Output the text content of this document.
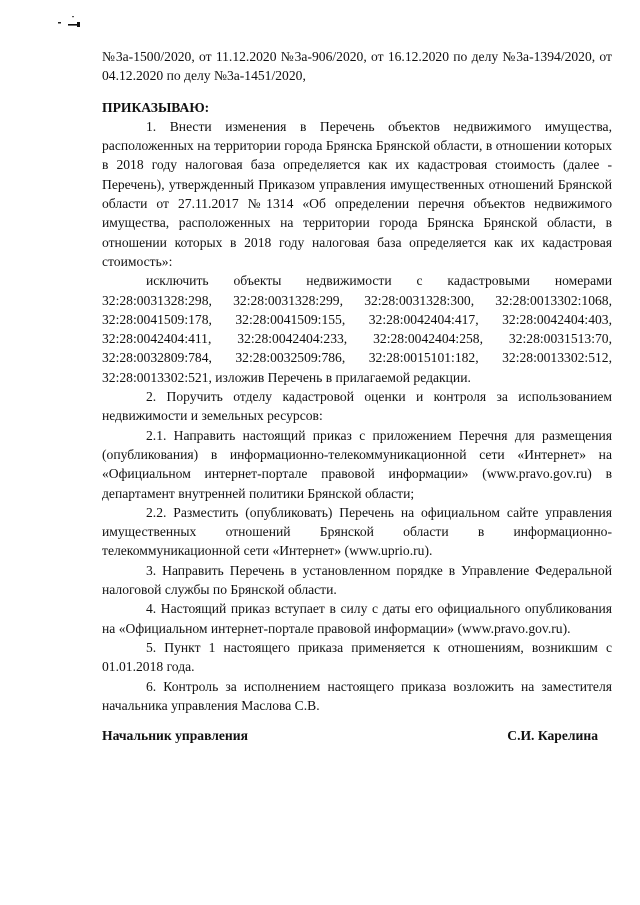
№3а-1500/2020, от 11.12.2020 №3а-906/2020, от 16.12.2020 по делу №3а-1394/2020, от 04.12.2020 по делу №3а-1451/2020,

ПРИКАЗЫВАЮ:

1. Внести изменения в Перечень объектов недвижимого имущества, расположенных на территории города Брянска Брянской области, в отношении которых в 2018 году налоговая база определяется как их кадастровая стоимость (далее - Перечень), утвержденный Приказом управления имущественных отношений Брянской области от 27.11.2017 №1314 «Об определении перечня объектов недвижимого имущества, расположенных на территории города Брянска Брянской области, в отношении которых в 2018 году налоговая база определяется как их кадастровая стоимость»:

исключить объекты недвижимости с кадастровыми номерами 32:28:0031328:298, 32:28:0031328:299, 32:28:0031328:300, 32:28:0013302:1068, 32:28:0041509:178, 32:28:0041509:155, 32:28:0042404:417, 32:28:0042404:403, 32:28:0042404:411, 32:28:0042404:233, 32:28:0042404:258, 32:28:0031513:70, 32:28:0032809:784, 32:28:0032509:786, 32:28:0015101:182, 32:28:0013302:512, 32:28:0013302:521, изложив Перечень в прилагаемой редакции.

2. Поручить отделу кадастровой оценки и контроля за использованием недвижимости и земельных ресурсов:

2.1. Направить настоящий приказ с приложением Перечня для размещения (опубликования) в информационно-телекоммуникационной сети «Интернет» на «Официальном интернет-портале правовой информации» (www.pravo.gov.ru) в департамент внутренней политики Брянской области;

2.2. Разместить (опубликовать) Перечень на официальном сайте управления имущественных отношений Брянской области в информационно-телекоммуникационной сети «Интернет» (www.uprio.ru).

3. Направить Перечень в установленном порядке в Управление Федеральной налоговой службы по Брянской области.

4. Настоящий приказ вступает в силу с даты его официального опубликования на «Официальном интернет-портале правовой информации» (www.pravo.gov.ru).

5. Пункт 1 настоящего приказа применяется к отношениям, возникшим с 01.01.2018 года.

6. Контроль за исполнением настоящего приказа возложить на заместителя начальника управления Маслова С.В.

Начальник управления	С.И. Карелина
